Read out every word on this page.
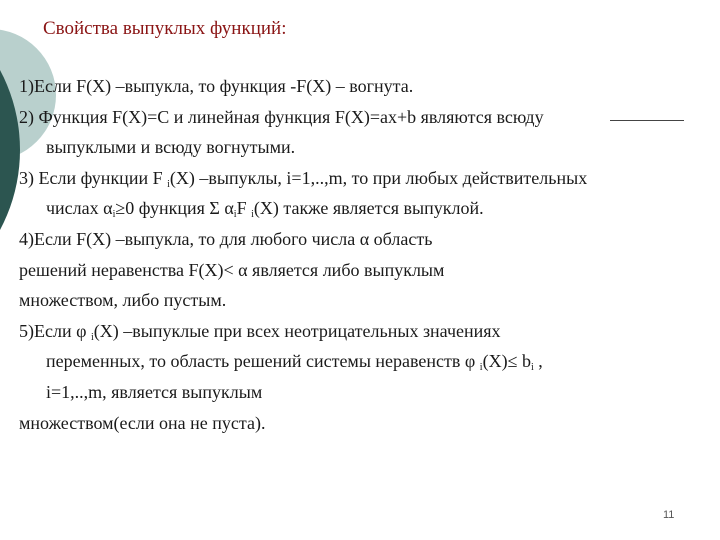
Свойства выпуклых функций:
1)Если F(X) –выпукла, то функция -F(X) – вогнута.
2) Функция F(X)=C и линейная функция F(X)=ax+b являются всюду
выпуклыми и всюду вогнутыми.
3) Если функции F $_i$(X) –выпуклы, i=1,..,m, то при любых действительных
числах $\alpha_i\ge 0$ функция Σ $\alpha_iF$ $_i$(X) также является выпуклой.
4)Если F(X) –выпукла, то для любого числа α область
решений неравенства F(X)< α является либо выпуклым
множеством, либо пустым.
5)Если φ $_i$(X) –выпуклые при всех неотрицательных значениях
переменных, то область решений системы неравенств φ $_i(X)\le b_i$ ,
i=1,..,m, является выпуклым
множеством(если она не пуста).
11
